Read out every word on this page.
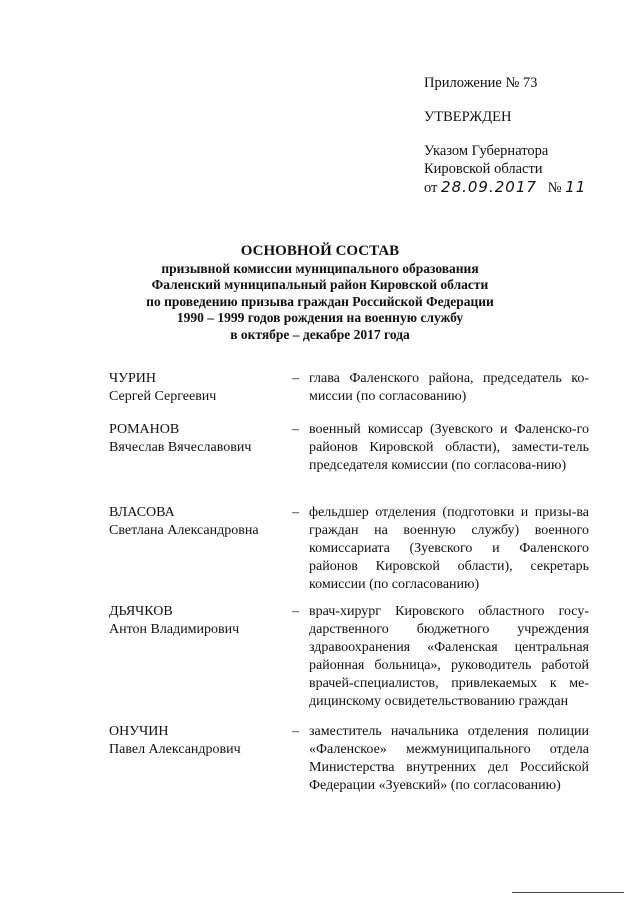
Приложение № 73
УТВЕРЖДЕН
Указом Губернатора
Кировской области
от 28.09.2017 № 11
ОСНОВНОЙ СОСТАВ
призывной комиссии муниципального образования
Фаленский муниципальный район Кировской области
по проведению призыва граждан Российской Федерации
1990 – 1999 годов рождения на военную службу
в октябре – декабре 2017 года
ЧУРИН
Сергей Сергеевич
– глава Фаленского района, председатель ко-миссии (по согласованию)
РОМАНОВ
Вячеслав Вячеславович
– военный комиссар (Зуевского и Фаленско-го районов Кировской области), замести-тель председателя комиссии (по согласова-нию)
ВЛАСОВА
Светлана Александровна
– фельдшер отделения (подготовки и призы-ва граждан на военную службу) военного комиссариата (Зуевского и Фаленского районов Кировской области), секретарь комиссии (по согласованию)
ДЬЯЧКОВ
Антон Владимирович
– врач-хирург Кировского областного госу-дарственного бюджетного учреждения здравоохранения «Фаленская центральная районная больница», руководитель работой врачей-специалистов, привлекаемых к ме-дицинскому освидетельствованию граждан
ОНУЧИН
Павел Александрович
– заместитель начальника отделения полиции «Фаленское» межмуниципального отдела Министерства внутренних дел Российской Федерации «Зуевский» (по согласованию)
